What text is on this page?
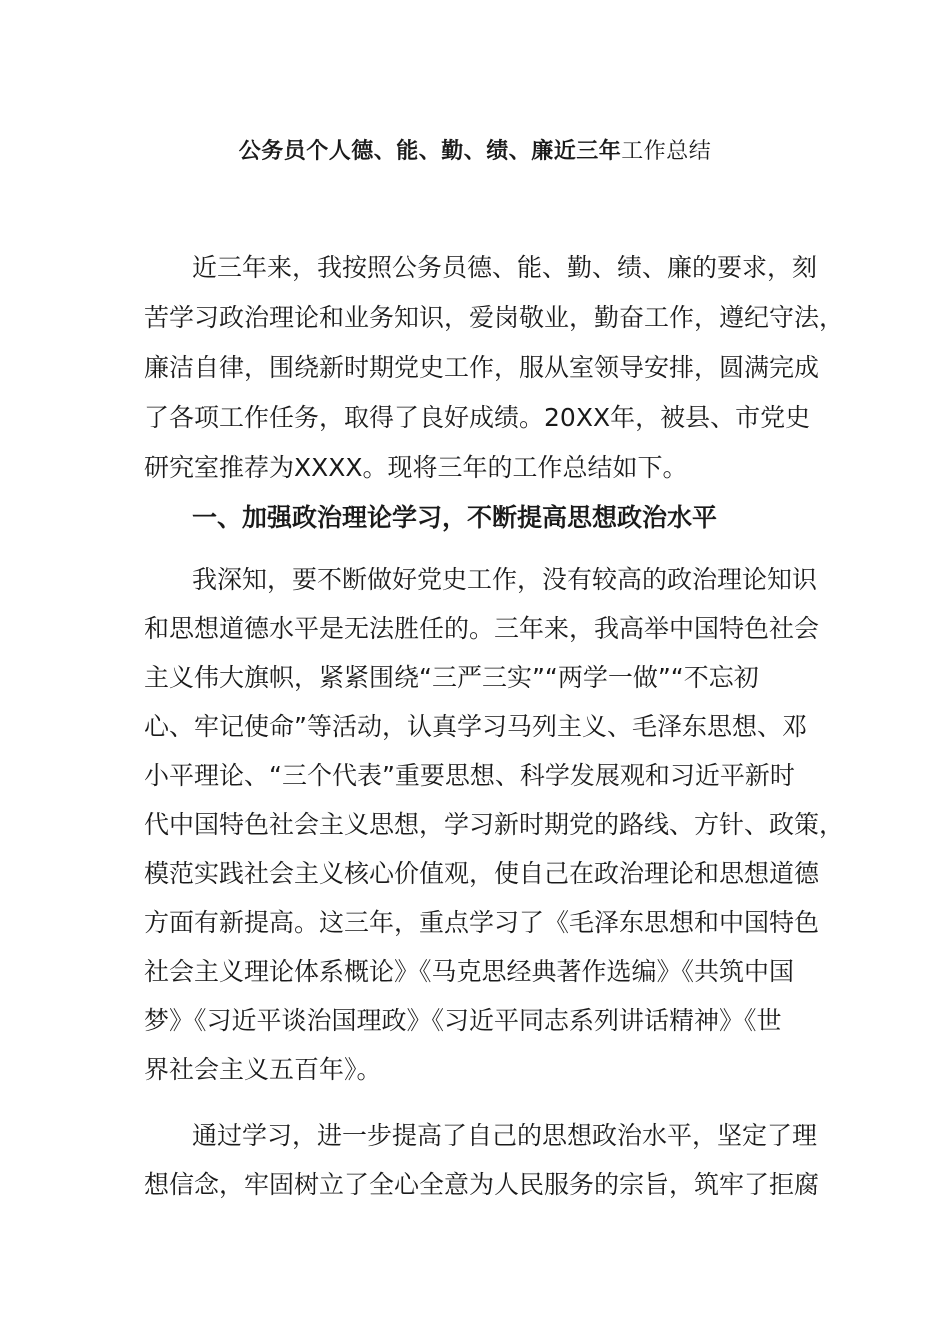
公务员个人德、能、勤、绩、廉近三年工作总结
近三年来，我按照公务员德、能、勤、绩、廉的要求，刻
苦学习政治理论和业务知识，爱岗敬业，勤奋工作，遵纪守法，
廉洁自律，围绕新时期党史工作，服从室领导安排，圆满完成
了各项工作任务，取得了良好成绩。20XX年，被县、市党史
研究室推荐为XXXX。现将三年的工作总结如下。
一、加强政治理论学习，不断提高思想政治水平
我深知，要不断做好党史工作，没有较高的政治理论知识
和思想道德水平是无法胜任的。三年来，我高举中国特色社会
主义伟大旗帜，紧紧围绕“三严三实”“两学一做”“不忘初
心、牢记使命”等活动，认真学习马列主义、毛泽东思想、邓
小平理论、“三个代表”重要思想、科学发展观和习近平新时
代中国特色社会主义思想，学习新时期党的路线、方针、政策，
模范实践社会主义核心价值观，使自己在政治理论和思想道德
方面有新提高。这三年，重点学习了《毛泽东思想和中国特色
社会主义理论体系概论》《马克思经典著作选编》《共筑中国
梦》《习近平谈治国理政》《习近平同志系列讲话精神》《世
界社会主义五百年》。
通过学习，进一步提高了自己的思想政治水平，坚定了理
想信念，牢固树立了全心全意为人民服务的宗旨，筑牢了拒腐
